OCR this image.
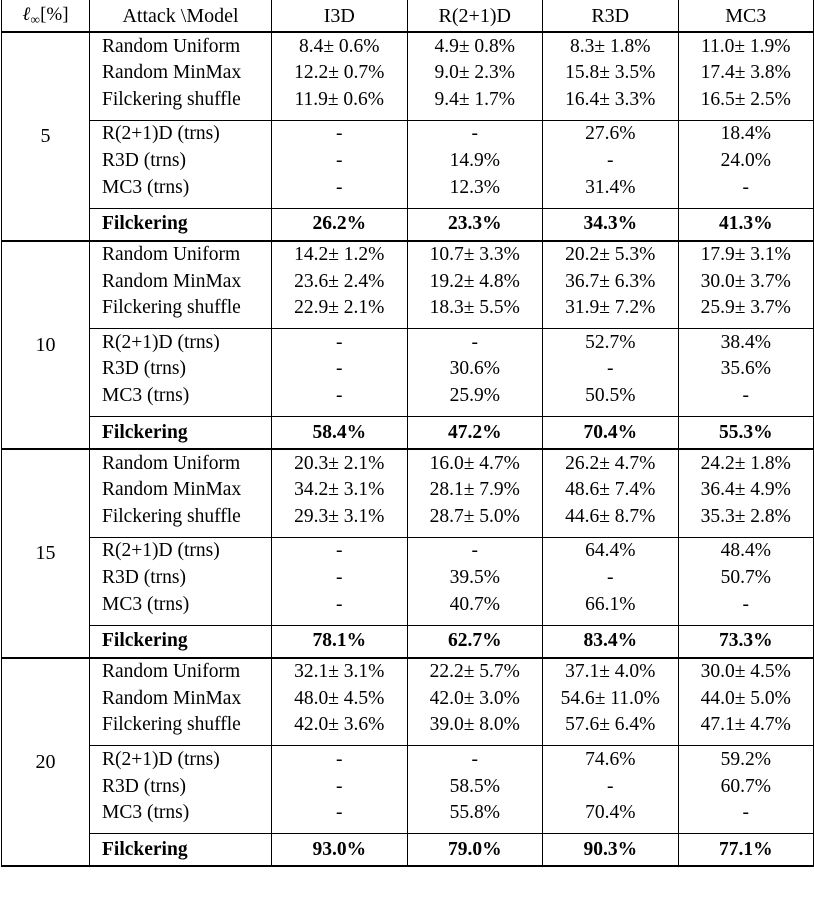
ℓ$_\infty$[%]	Attack \Model	I3D	R(2+1)D	R3D	MC3

5	Random Uniform	8.4± 0.6%	4.9± 0.8%	8.3± 1.8%	11.0± 1.9%
	Random MinMax	12.2± 0.7%	9.0± 2.3%	15.8± 3.5%	17.4± 3.8%
	Filckering shuffle	11.9± 0.6%	9.4± 1.7%	16.4± 3.3%	16.5± 2.5%

	R(2+1)D (trns)	-	-	27.6%	18.4%
	R3D (trns)	-	14.9%	-	24.0%
	MC3 (trns)	-	12.3%	31.4%	-

	Filckering	26.2%	23.3%	34.3%	41.3%

10	Random Uniform	14.2± 1.2%	10.7± 3.3%	20.2± 5.3%	17.9± 3.1%
	Random MinMax	23.6± 2.4%	19.2± 4.8%	36.7± 6.3%	30.0± 3.7%
	Filckering shuffle	22.9± 2.1%	18.3± 5.5%	31.9± 7.2%	25.9± 3.7%

	R(2+1)D (trns)	-	-	52.7%	38.4%
	R3D (trns)	-	30.6%	-	35.6%
	MC3 (trns)	-	25.9%	50.5%	-

	Filckering	58.4%	47.2%	70.4%	55.3%

15	Random Uniform	20.3± 2.1%	16.0± 4.7%	26.2± 4.7%	24.2± 1.8%
	Random MinMax	34.2± 3.1%	28.1± 7.9%	48.6± 7.4%	36.4± 4.9%
	Filckering shuffle	29.3± 3.1%	28.7± 5.0%	44.6± 8.7%	35.3± 2.8%

	R(2+1)D (trns)	-	-	64.4%	48.4%
	R3D (trns)	-	39.5%	-	50.7%
	MC3 (trns)	-	40.7%	66.1%	-

	Filckering	78.1%	62.7%	83.4%	73.3%

20	Random Uniform	32.1± 3.1%	22.2± 5.7%	37.1± 4.0%	30.0± 4.5%
	Random MinMax	48.0± 4.5%	42.0± 3.0%	54.6± 11.0%	44.0± 5.0%
	Filckering shuffle	42.0± 3.6%	39.0± 8.0%	57.6± 6.4%	47.1± 4.7%

	R(2+1)D (trns)	-	-	74.6%	59.2%
	R3D (trns)	-	58.5%	-	60.7%
	MC3 (trns)	-	55.8%	70.4%	-

	Filckering	93.0%	79.0%	90.3%	77.1%
